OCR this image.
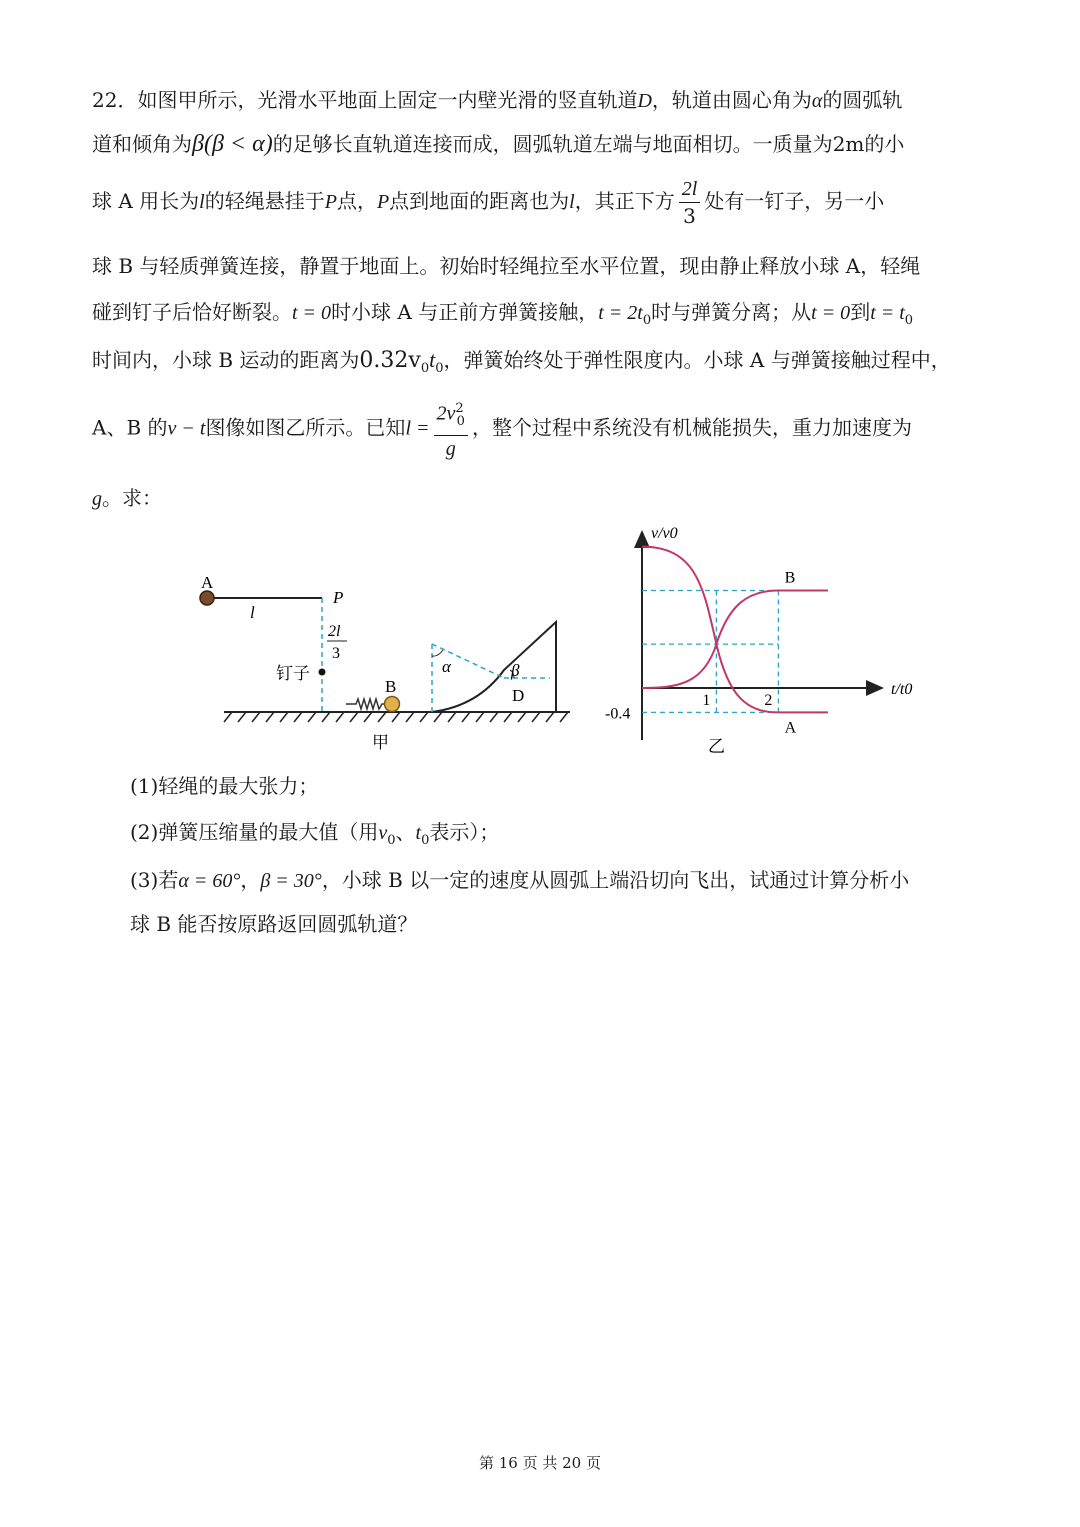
22．如图甲所示，光滑水平地面上固定一内壁光滑的竖直轨道D，轨道由圆心角为α的圆弧轨
道和倾角为β(β < α)的足够长直轨道连接而成，圆弧轨道左端与地面相切。一质量为2m的小
球 A 用长为l的轻绳悬挂于P点，P点到地面的距离也为l，其正下方 $\frac{2l}{3}$ 处有一钉子，另一小
球 B 与轻质弹簧连接，静置于地面上。初始时轻绳拉至水平位置，现由静止释放小球 A，轻绳
碰到钉子后恰好断裂。t = 0时小球 A 与正前方弹簧接触，$t = 2t_0$时与弹簧分离；从t = 0到$t = t_0$
时间内，小球 B 运动的距离为$0.32v_0t_0$，弹簧始终处于弹性限度内。小球 A 与弹簧接触过程中，
A、B 的v − t图像如图乙所示。已知$l = \frac{2v^2_0}{g}$ ，整个过程中系统没有机械能损失，重力加速度为
g。求：
A
l
P
2l
3
钉子
B
α	β
D
甲
v/v0
t/t0
1	2
-0.4
B
A
乙
(1)轻绳的最大张力；
(2)弹簧压缩量的最大值（用$v_0$、$t_0$表示）；
(3)若α = 60°，β = 30°，小球 B 以一定的速度从圆弧上端沿切向飞出，试通过计算分析小
球 B 能否按原路返回圆弧轨道？
第 16 页 共 20 页
